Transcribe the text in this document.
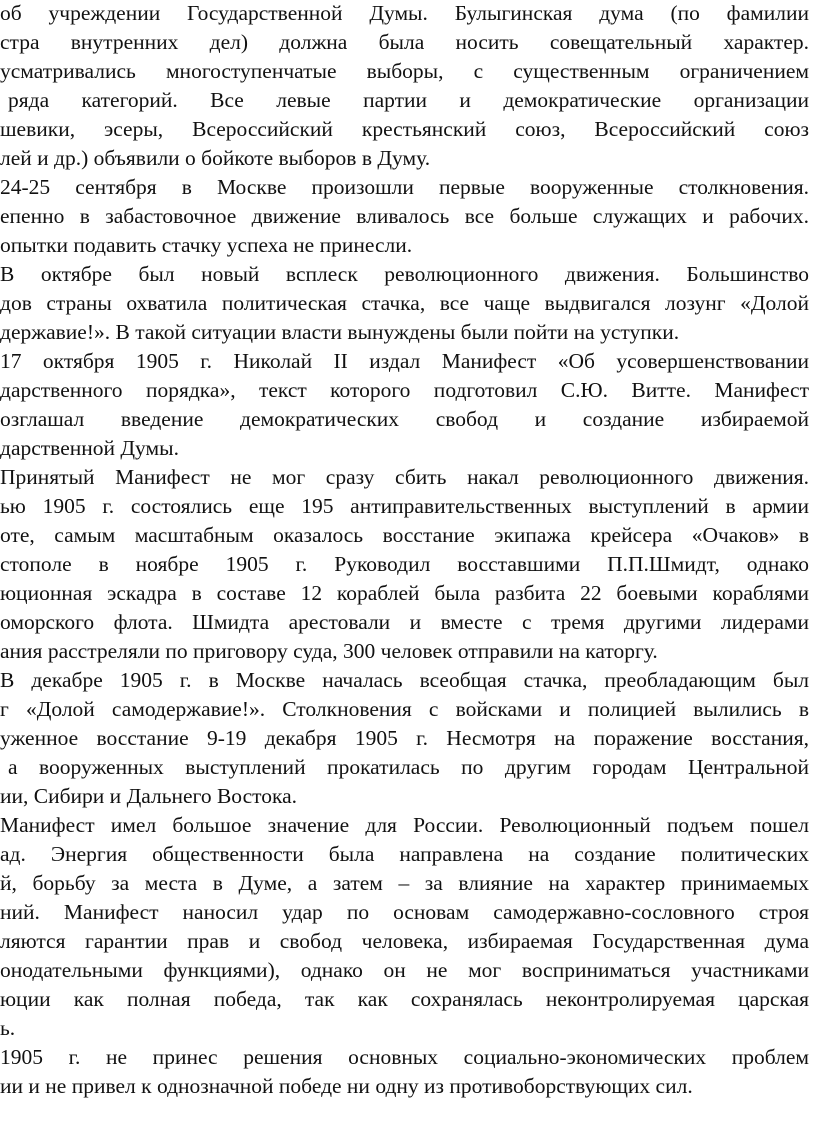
об учреждении Государственной Думы. Булыгинская дума (по фамилии

стра внутренних дел) должна была носить совещательный характер.

усматривались многоступенчатые выборы, с существенным ограничением

ряда категорий. Все левые партии и демократические организации

шевики, эсеры, Всероссийский крестьянский союз, Всероссийский союз

лей и др.) объявили о бойкоте выборов в Думу.

24-25 сентября в Москве произошли первые вооруженные столкновения.

епенно в забастовочное движение вливалось все больше служащих и рабочих.

опытки подавить стачку успеха не принесли.

В октябре был новый всплеск революционного движения. Большинство

дов страны охватила политическая стачка, все чаще выдвигался лозунг «Долой

державие!». В такой ситуации власти вынуждены были пойти на уступки.

17 октября 1905 г. Николай II издал Манифест «Об усовершенствовании

дарственного порядка», текст которого подготовил С.Ю. Витте. Манифест

озглашал введение демократических свобод и создание избираемой

дарственной Думы.

Принятый Манифест не мог сразу сбить накал революционного движения.

ью 1905 г. состоялись еще 195 антиправительственных выступлений в армии

оте, самым масштабным оказалось восстание экипажа крейсера «Очаков» в

стополе в ноябре 1905 г. Руководил восставшими П.П.Шмидт, однако

юционная эскадра в составе 12 кораблей была разбита 22 боевыми кораблями

оморского флота. Шмидта арестовали и вместе с тремя другими лидерами

ания расстреляли по приговору суда, 300 человек отправили на каторгу.

В декабре 1905 г. в Москве началась всеобщая стачка, преобладающим был

г «Долой самодержавие!». Столкновения с войсками и полицией вылились в

уженное восстание 9-19 декабря 1905 г. Несмотря на поражение восстания,

а вооруженных выступлений прокатилась по другим городам Центральной

ии, Сибири и Дальнего Востока.

Манифест имел большое значение для России. Революционный подъем пошел

ад. Энергия общественности была направлена на создание политических

й, борьбу за места в Думе, а затем – за влияние на характер принимаемых

ний. Манифест наносил удар по основам самодержавно-сословного строя

ляются гарантии прав и свобод человека, избираемая Государственная дума

онодательными функциями), однако он не мог восприниматься участниками

юции как полная победа, так как сохранялась неконтролируемая царская

ь.

1905 г. не принес решения основных социально-экономических проблем

ии и не привел к однозначной победе ни одну из противоборствующих сил.
